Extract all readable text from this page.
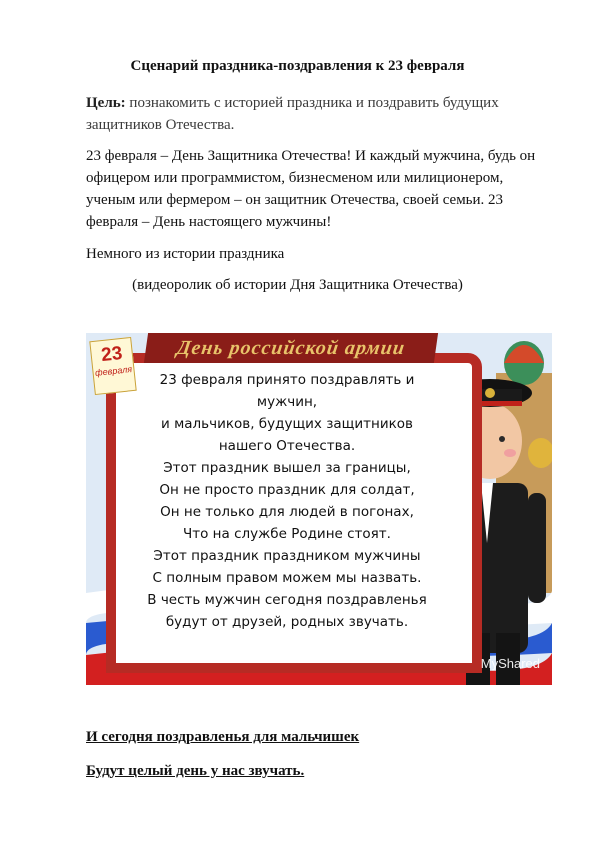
Сценарий праздника-поздравления к 23 февраля
Цель: познакомить с историей праздника и поздравить будущих защитников Отечества.
23 февраля – День Защитника Отечества! И каждый мужчина, будь он офицером или программистом, бизнесменом или милиционером, ученым или фермером – он защитник Отечества, своей семьи. 23 февраля – День настоящего мужчины!
Немного из истории праздника
(видеоролик об истории Дня Защитника Отечества)
День российской армии
23
февраля
23 февраля принято поздравлять и
мужчин,
и мальчиков, будущих защитников
нашего Отечества.
Этот праздник вышел за границы,
Он не просто праздник для солдат,
Он не только для людей в погонах,
Что на службе Родине стоят.
Этот праздник праздником мужчины
С полным правом можем мы назвать.
В честь мужчин сегодня поздравленья
будут от друзей, родных звучать.
MyShared
И сегодня поздравленья для мальчишек
Будут целый день у нас звучать.
